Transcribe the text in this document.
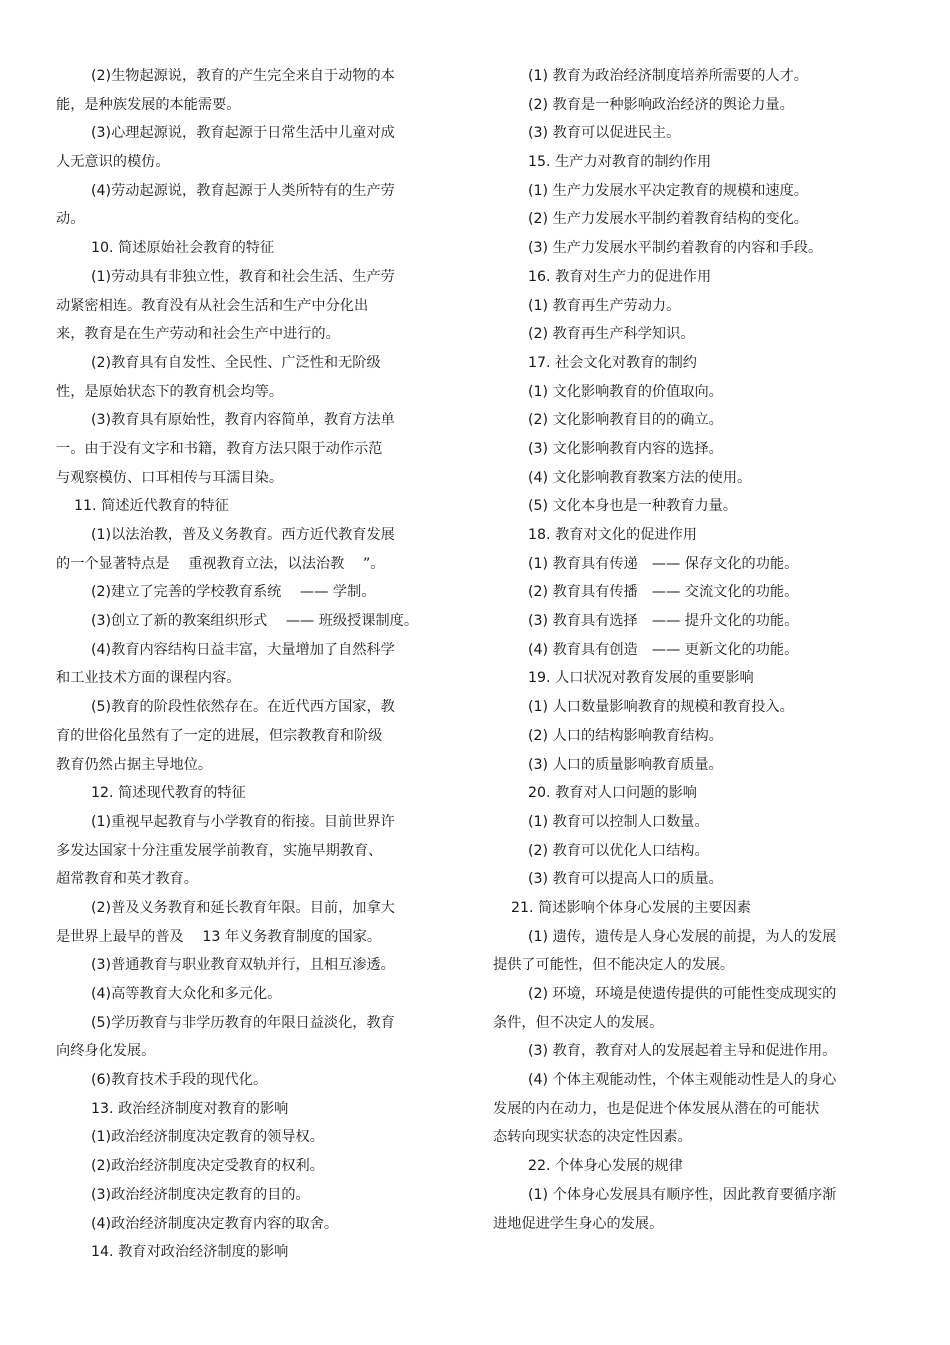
(2)生物起源说，教育的产生完全来自于动物的本
能，是种族发展的本能需要。
(3)心理起源说，教育起源于日常生活中儿童对成
人无意识的模仿。
(4)劳动起源说，教育起源于人类所特有的生产劳
动。
10. 简述原始社会教育的特征
(1)劳动具有非独立性，教育和社会生活、生产劳
动紧密相连。教育没有从社会生活和生产中分化出
来，教育是在生产劳动和社会生产中进行的。
(2)教育具有自发性、全民性、广泛性和无阶级
性，是原始状态下的教育机会均等。
(3)教育具有原始性，教育内容简单，教育方法单
一。由于没有文字和书籍，教育方法只限于动作示范
与观察模仿、口耳相传与耳濡目染。
11. 简述近代教育的特征
(1)以法治教，普及义务教育。西方近代教育发展
的一个显著特点是　 重视教育立法，以法治教　 ”。
(2)建立了完善的学校教育系统　 —— 学制。
(3)创立了新的教案组织形式　 —— 班级授课制度。
(4)教育内容结构日益丰富，大量增加了自然科学
和工业技术方面的课程内容。
(5)教育的阶段性依然存在。在近代西方国家，教
育的世俗化虽然有了一定的进展，但宗教教育和阶级
教育仍然占据主导地位。
12. 简述现代教育的特征
(1)重视早起教育与小学教育的衔接。目前世界许
多发达国家十分注重发展学前教育，实施早期教育、
超常教育和英才教育。
(2)普及义务教育和延长教育年限。目前，加拿大
是世界上最早的普及　 13 年义务教育制度的国家。
(3)普通教育与职业教育双轨并行，且相互渗透。
(4)高等教育大众化和多元化。
(5)学历教育与非学历教育的年限日益淡化，教育
向终身化发展。
(6)教育技术手段的现代化。
13. 政治经济制度对教育的影响
(1)政治经济制度决定教育的领导权。
(2)政治经济制度决定受教育的权利。
(3)政治经济制度决定教育的目的。
(4)政治经济制度决定教育内容的取舍。
14. 教育对政治经济制度的影响
(1) 教育为政治经济制度培养所需要的人才。
(2) 教育是一种影响政治经济的舆论力量。
(3) 教育可以促进民主。
15. 生产力对教育的制约作用
(1) 生产力发展水平决定教育的规模和速度。
(2) 生产力发展水平制约着教育结构的变化。
(3) 生产力发展水平制约着教育的内容和手段。
16. 教育对生产力的促进作用
(1) 教育再生产劳动力。
(2) 教育再生产科学知识。
17. 社会文化对教育的制约
(1) 文化影响教育的价值取向。
(2) 文化影响教育目的的确立。
(3) 文化影响教育内容的选择。
(4) 文化影响教育教案方法的使用。
(5) 文化本身也是一种教育力量。
18. 教育对文化的促进作用
(1) 教育具有传递　—— 保存文化的功能。
(2) 教育具有传播　—— 交流文化的功能。
(3) 教育具有选择　—— 提升文化的功能。
(4) 教育具有创造　—— 更新文化的功能。
19. 人口状况对教育发展的重要影响
(1) 人口数量影响教育的规模和教育投入。
(2) 人口的结构影响教育结构。
(3) 人口的质量影响教育质量。
20. 教育对人口问题的影响
(1) 教育可以控制人口数量。
(2) 教育可以优化人口结构。
(3) 教育可以提高人口的质量。
21. 简述影响个体身心发展的主要因素
(1) 遗传，遗传是人身心发展的前提，为人的发展
提供了可能性，但不能决定人的发展。
(2) 环境，环境是使遗传提供的可能性变成现实的
条件，但不决定人的发展。
(3) 教育，教育对人的发展起着主导和促进作用。
(4) 个体主观能动性，个体主观能动性是人的身心
发展的内在动力，也是促进个体发展从潜在的可能状
态转向现实状态的决定性因素。
22. 个体身心发展的规律
(1) 个体身心发展具有顺序性，因此教育要循序渐
进地促进学生身心的发展。
